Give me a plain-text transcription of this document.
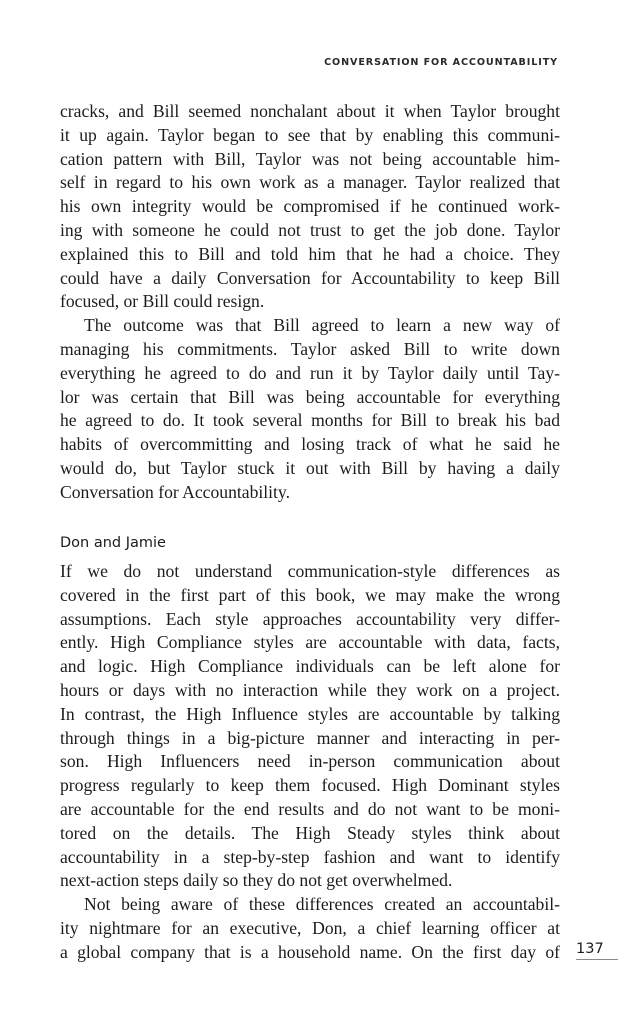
CONVERSATION FOR ACCOUNTABILITY
cracks, and Bill seemed nonchalant about it when Taylor brought
it up again. Taylor began to see that by enabling this communi-
cation pattern with Bill, Taylor was not being accountable him-
self in regard to his own work as a manager. Taylor realized that
his own integrity would be compromised if he continued work-
ing with someone he could not trust to get the job done. Taylor
explained this to Bill and told him that he had a choice. They
could have a daily Conversation for Accountability to keep Bill
focused, or Bill could resign.
The outcome was that Bill agreed to learn a new way of
managing his commitments. Taylor asked Bill to write down
everything he agreed to do and run it by Taylor daily until Tay-
lor was certain that Bill was being accountable for everything
he agreed to do. It took several months for Bill to break his bad
habits of overcommitting and losing track of what he said he
would do, but Taylor stuck it out with Bill by having a daily
Conversation for Accountability.
Don and Jamie
If we do not understand communication-style differences as
covered in the first part of this book, we may make the wrong
assumptions. Each style approaches accountability very differ-
ently. High Compliance styles are accountable with data, facts,
and logic. High Compliance individuals can be left alone for
hours or days with no interaction while they work on a project.
In contrast, the High Influence styles are accountable by talking
through things in a big-picture manner and interacting in per-
son. High Influencers need in-person communication about
progress regularly to keep them focused. High Dominant styles
are accountable for the end results and do not want to be moni-
tored on the details. The High Steady styles think about
accountability in a step-by-step fashion and want to identify
next-action steps daily so they do not get overwhelmed.
Not being aware of these differences created an accountabil-
ity nightmare for an executive, Don, a chief learning officer at
a global company that is a household name. On the first day of 137
